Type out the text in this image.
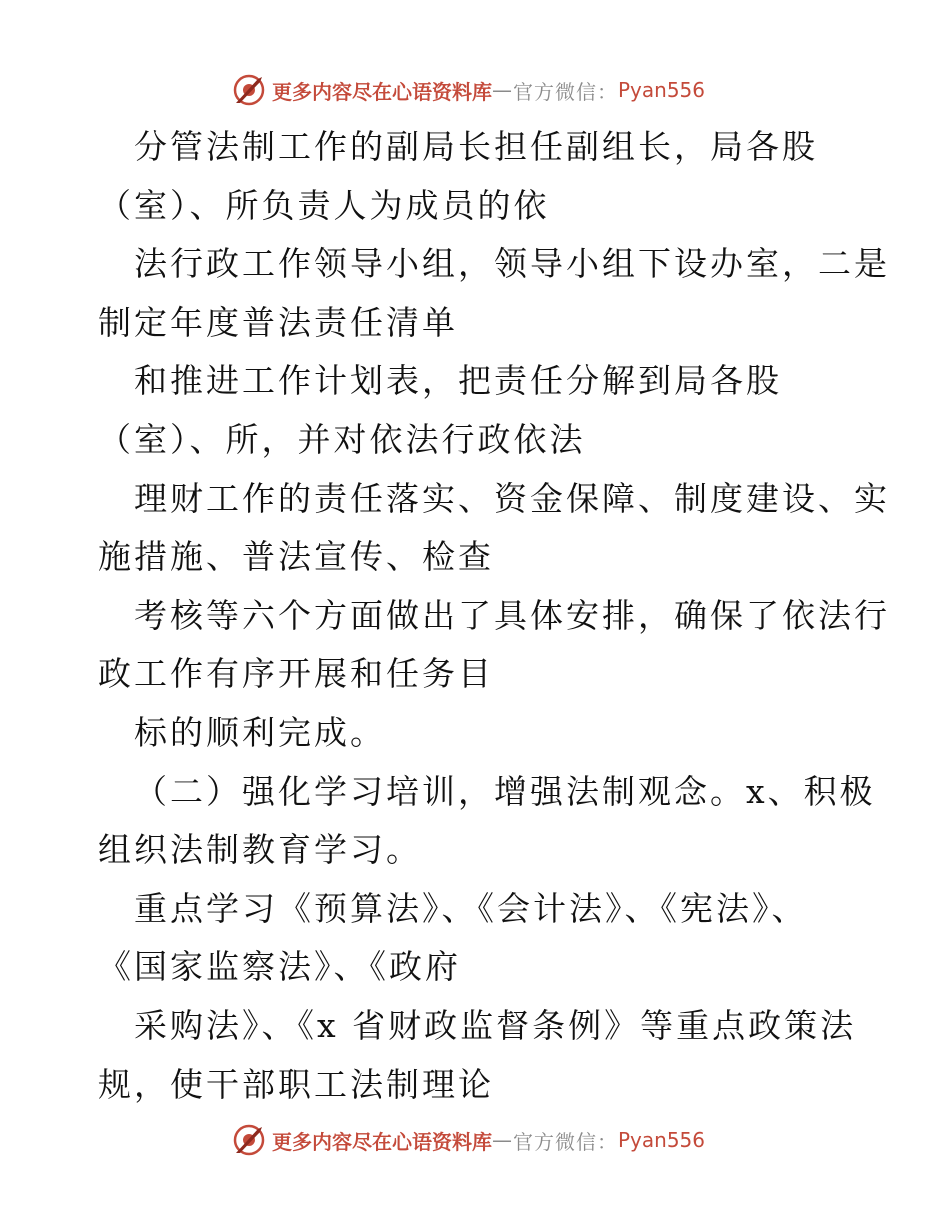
更多内容尽在心语资料库 — 官方微信： Pyan556
分管法制工作的副局长担任副组长，局各股
（室）、所负责人为成员的依
法行政工作领导小组，领导小组下设办室，二是
制定年度普法责任清单
和推进工作计划表，把责任分解到局各股
（室）、所，并对依法行政依法
理财工作的责任落实、资金保障、制度建设、实
施措施、普法宣传、检查
考核等六个方面做出了具体安排，确保了依法行
政工作有序开展和任务目
标的顺利完成。
（二）强化学习培训，增强法制观念。x、积极
组织法制教育学习。
重点学习《预算法》、《会计法》、《宪法》、
《国家监察法》、《政府
采购法》、《x 省财政监督条例》等重点政策法
规，使干部职工法制理论
更多内容尽在心语资料库 — 官方微信： Pyan556
